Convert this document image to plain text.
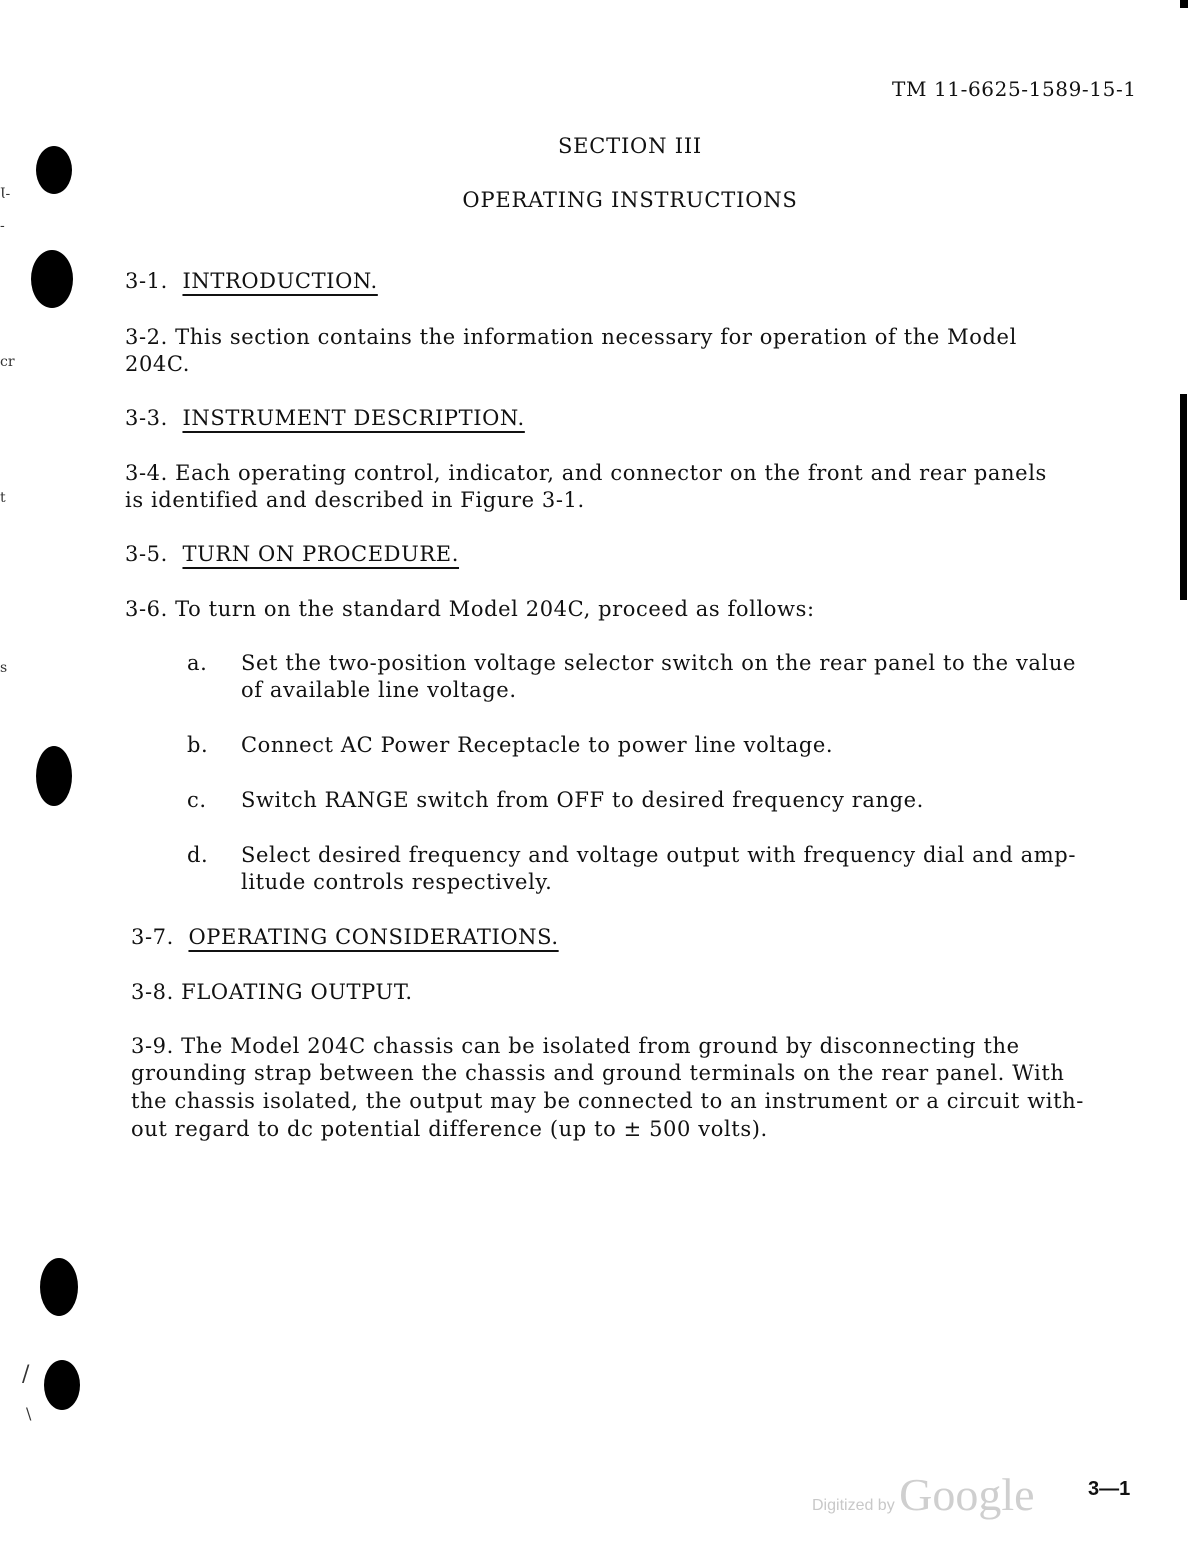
TM 11-6625-1589-15-1
SECTION III
OPERATING INSTRUCTIONS
3-1. INTRODUCTION.
3-2. This section contains the information necessary for operation of the Model
204C.
3-3. INSTRUMENT DESCRIPTION.
3-4. Each operating control, indicator, and connector on the front and rear panels
is identified and described in Figure 3-1.
3-5. TURN ON PROCEDURE.
3-6. To turn on the standard Model 204C, proceed as follows:
a. Set the two-position voltage selector switch on the rear panel to the value
of available line voltage.
b. Connect AC Power Receptacle to power line voltage.
c. Switch RANGE switch from OFF to desired frequency range.
d. Select desired frequency and voltage output with frequency dial and amp-
litude controls respectively.
3-7. OPERATING CONSIDERATIONS.
3-8. FLOATING OUTPUT.
3-9. The Model 204C chassis can be isolated from ground by disconnecting the
grounding strap between the chassis and ground terminals on the rear panel. With
the chassis isolated, the output may be connected to an instrument or a circuit with-
out regard to dc potential difference (up to ± 500 volts).
Ɩ-
-
cr
t
s
/
\
Digitized by Google	3—1
